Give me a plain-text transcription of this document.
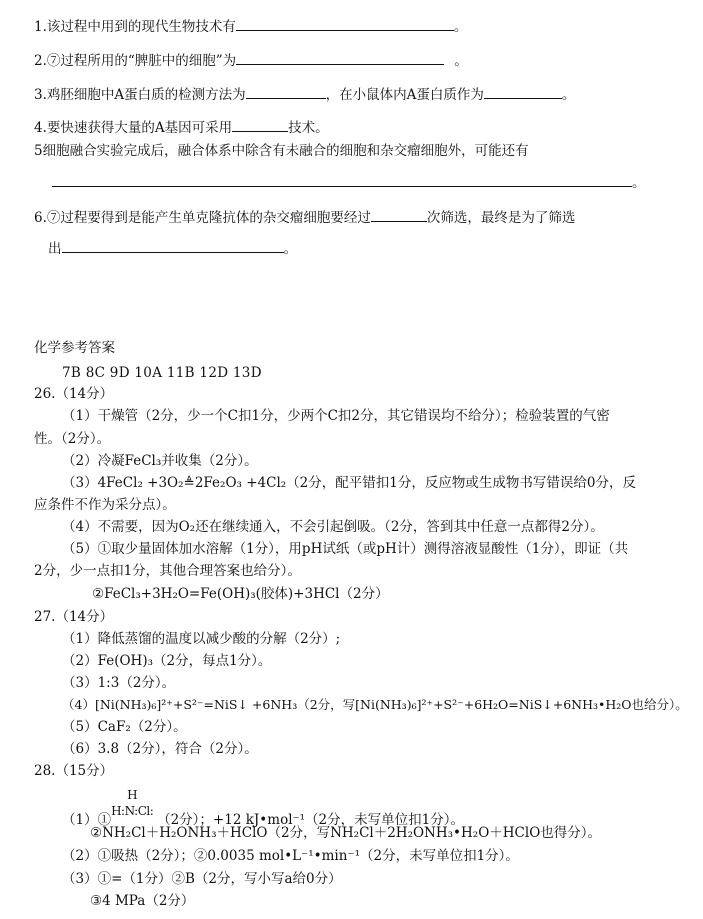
1.该过程中用到的现代生物技术有	。
2.⑦过程所用的“脾脏中的细胞”为	。
3.鸡胚细胞中A蛋白质的检测方法为	，在小鼠体内A蛋白质作为	。
4.要快速获得大量的A基因可采用	技术。
5细胞融合实验完成后，融合体系中除含有未融合的细胞和杂交瘤细胞外，可能还有
。
6.⑦过程要得到是能产生单克隆抗体的杂交瘤细胞要经过	次筛选，最终是为了筛选
出	。
化学参考答案
7B 8C 9D 10A 11B 12D 13D
26.（14分）
（1）干燥管（2分，少一个C扣1分，少两个C扣2分，其它错误均不给分）；检验装置的气密
性。（2分）。
（2）冷凝FeCl₃并收集（2分）。
（3）4FeCl₂ +3O₂≜2Fe₂O₃ +4Cl₂（2分，配平错扣1分，反应物或生成物书写错误给0分，反
应条件不作为采分点）。
（4）不需要，因为O₂还在继续通入，不会引起倒吸。（2分，答到其中任意一点都得2分）。
（5）①取少量固体加水溶解（1分），用pH试纸（或pH计）测得溶液显酸性（1分），即证（共
2分，少一点扣1分，其他合理答案也给分）。
②FeCl₃+3H₂O=Fe(OH)₃(胶体)+3HCl（2分）
27.（14分）
（1）降低蒸馏的温度以减少酸的分解（2分）;
（2）Fe(OH)₃（2分，每点1分）。
（3）1:3（2分）。
（4）[Ni(NH₃)₆]²⁺+S²⁻=NiS↓ +6NH₃（2分，写[Ni(NH₃)₆]²⁺+S²⁻+6H₂O=NiS↓+6NH₃•H₂O也给分）。
（5）CaF₂（2分）。
（6）3.8（2分），符合（2分）。
28.（15分）
（1）①
H
H:N:Cl:
（2分）；+12 kJ•mol⁻¹（2分，未写单位扣1分）。
②NH₂Cl＋H₂ONH₃＋HClO（2分，写NH₂Cl＋2H₂ONH₃•H₂O＋HClO也得分）。
（2）①吸热（2分）；②0.0035 mol•L⁻¹•min⁻¹（2分，未写单位扣1分）。
（3）①=（1分）②B（2分，写小写a给0分）
③4 MPa（2分）
